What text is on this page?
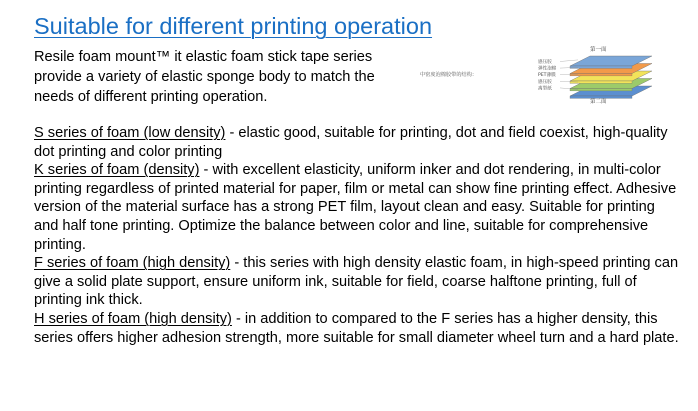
Suitable for different printing operation

Resile foam mount™ it elastic foam stick tape series provide a variety of elastic sponge body to match the needs of different printing operation.

中密度泡棉胶带的结构：
第一面
第二面
感压胶
弹性泡棉
PET薄膜
感压胶
离型纸

S series of foam (low density) - elastic good, suitable for printing, dot and field coexist, high-quality dot printing and color printing

K series of foam (density) - with excellent elasticity, uniform inker and dot rendering, in multi-color printing regardless of printed material for paper, film or metal can show fine printing effect. Adhesive version of the material surface has a strong PET film, layout clean and easy. Suitable for printing and half tone printing. Optimize the balance between color and line, suitable for comprehensive printing.

F series of foam (high density) - this series with high density elastic foam, in high-speed printing can give a solid plate support, ensure uniform ink, suitable for field, coarse halftone printing, full of printing ink thick.

H series of foam (high density) - in addition to compared to the F series has a higher density, this series offers higher adhesion strength, more suitable for small diameter wheel turn and a hard plate.
